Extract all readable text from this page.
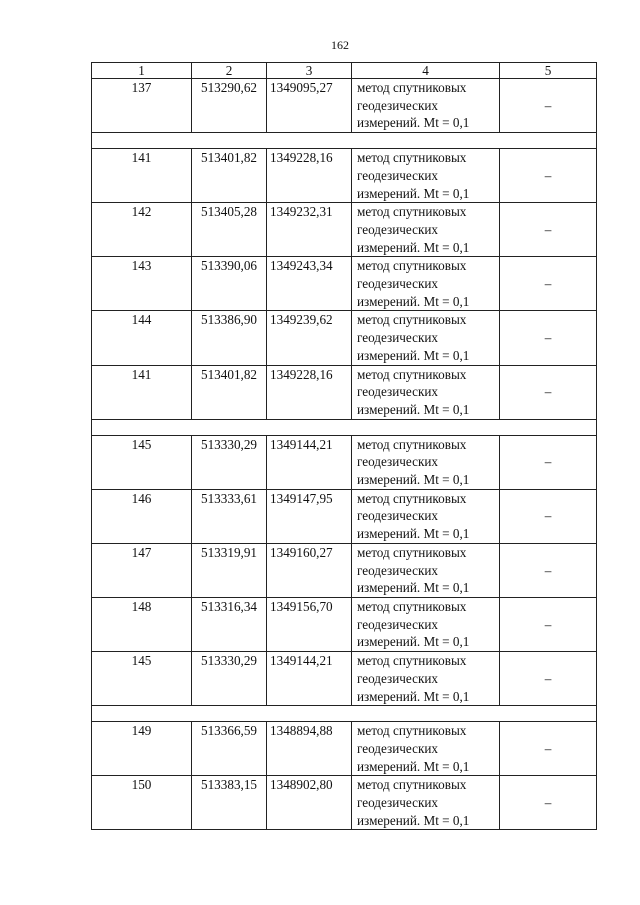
162
1	2	3	4	5
137	513290,62	1349095,27	метод спутниковых
геодезических
измерений. Mt = 0,1	–

141	513401,82	1349228,16	метод спутниковых
геодезических
измерений. Mt = 0,1	–
142	513405,28	1349232,31	метод спутниковых
геодезических
измерений. Mt = 0,1	–
143	513390,06	1349243,34	метод спутниковых
геодезических
измерений. Mt = 0,1	–
144	513386,90	1349239,62	метод спутниковых
геодезических
измерений. Mt = 0,1	–
141	513401,82	1349228,16	метод спутниковых
геодезических
измерений. Mt = 0,1	–

145	513330,29	1349144,21	метод спутниковых
геодезических
измерений. Mt = 0,1	–
146	513333,61	1349147,95	метод спутниковых
геодезических
измерений. Mt = 0,1	–
147	513319,91	1349160,27	метод спутниковых
геодезических
измерений. Mt = 0,1	–
148	513316,34	1349156,70	метод спутниковых
геодезических
измерений. Mt = 0,1	–
145	513330,29	1349144,21	метод спутниковых
геодезических
измерений. Mt = 0,1	–

149	513366,59	1348894,88	метод спутниковых
геодезических
измерений. Mt = 0,1	–
150	513383,15	1348902,80	метод спутниковых
геодезических
измерений. Mt = 0,1	–
